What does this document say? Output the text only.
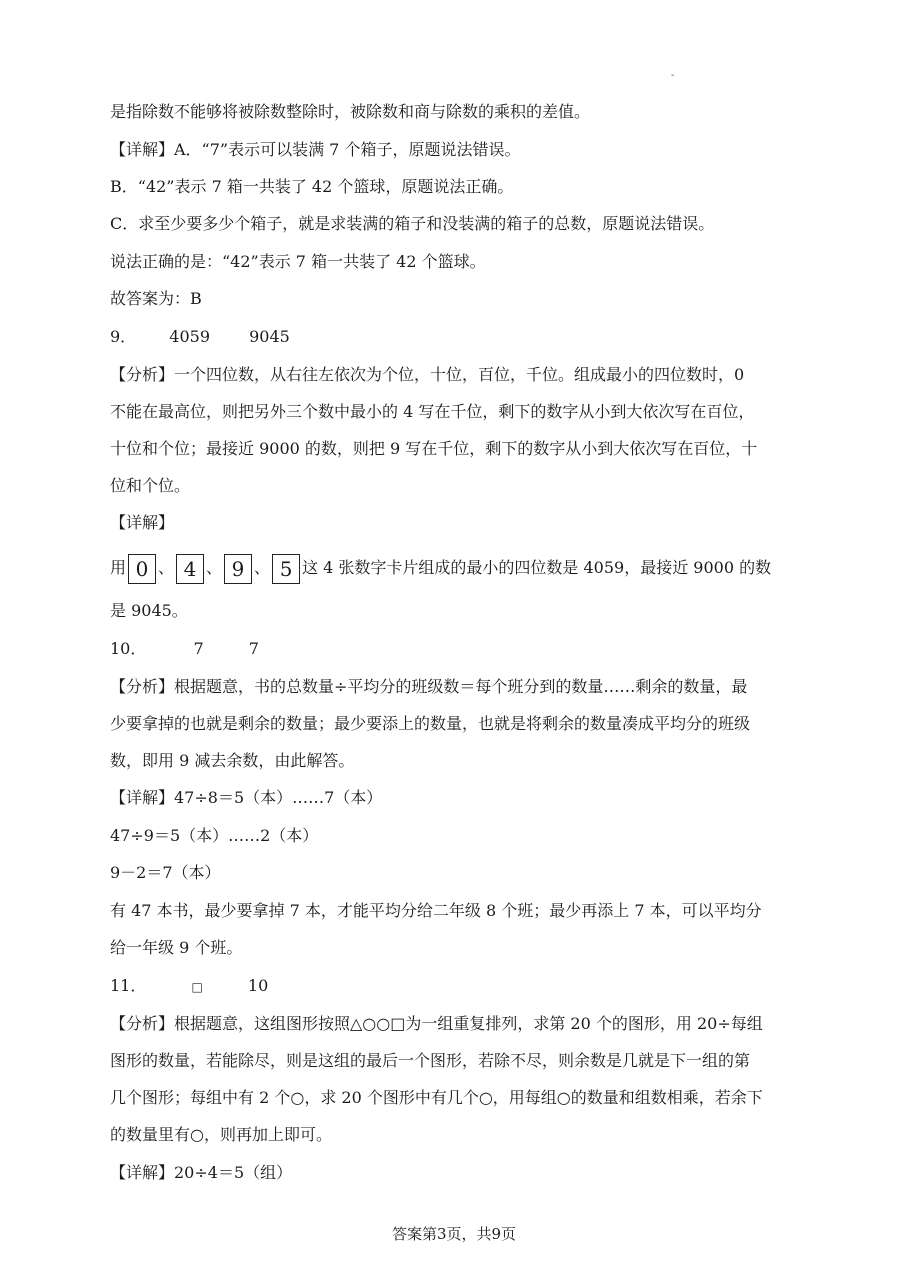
-
是指除数不能够将被除数整除时，被除数和商与除数的乘积的差值。
【详解】A．“7”表示可以装满 7 个箱子，原题说法错误。
B．“42”表示 7 箱一共装了 42 个篮球，原题说法正确。
C．求至少要多少个箱子，就是求装满的箱子和没装满的箱子的总数，原题说法错误。
说法正确的是：“42”表示 7 箱一共装了 42 个篮球。
故答案为：B
9． 4059 9045
【分析】一个四位数，从右往左依次为个位，十位，百位，千位。组成最小的四位数时，0
不能在最高位，则把另外三个数中最小的 4 写在千位，剩下的数字从小到大依次写在百位，
十位和个位；最接近 9000 的数，则把 9 写在千位，剩下的数字从小到大依次写在百位，十
位和个位。
【详解】
用 0 、 4 、 9 、 5 这 4 张数字卡片组成的最小的四位数是 4059，最接近 9000 的数
是 9045。
10．	7	7
【分析】根据题意，书的总数量÷平均分的班级数＝每个班分到的数量……剩余的数量，最
少要拿掉的也就是剩余的数量；最少要添上的数量，也就是将剩余的数量凑成平均分的班级
数，即用 9 减去余数，由此解答。
【详解】47÷8＝5（本）……7（本）
47÷9＝5（本）……2（本）
9－2＝7（本）
有 47 本书，最少要拿掉 7 本，才能平均分给二年级 8 个班；最少再添上 7 本，可以平均分
给一年级 9 个班。
11．	□	10
【分析】根据题意，这组图形按照△○○□为一组重复排列，求第 20 个的图形，用 20÷每组
图形的数量，若能除尽，则是这组的最后一个图形，若除不尽，则余数是几就是下一组的第
几个图形；每组中有 2 个○，求 20 个图形中有几个○，用每组○的数量和组数相乘，若余下
的数量里有○，则再加上即可。
【详解】20÷4＝5（组）
答案第3页，共9页
